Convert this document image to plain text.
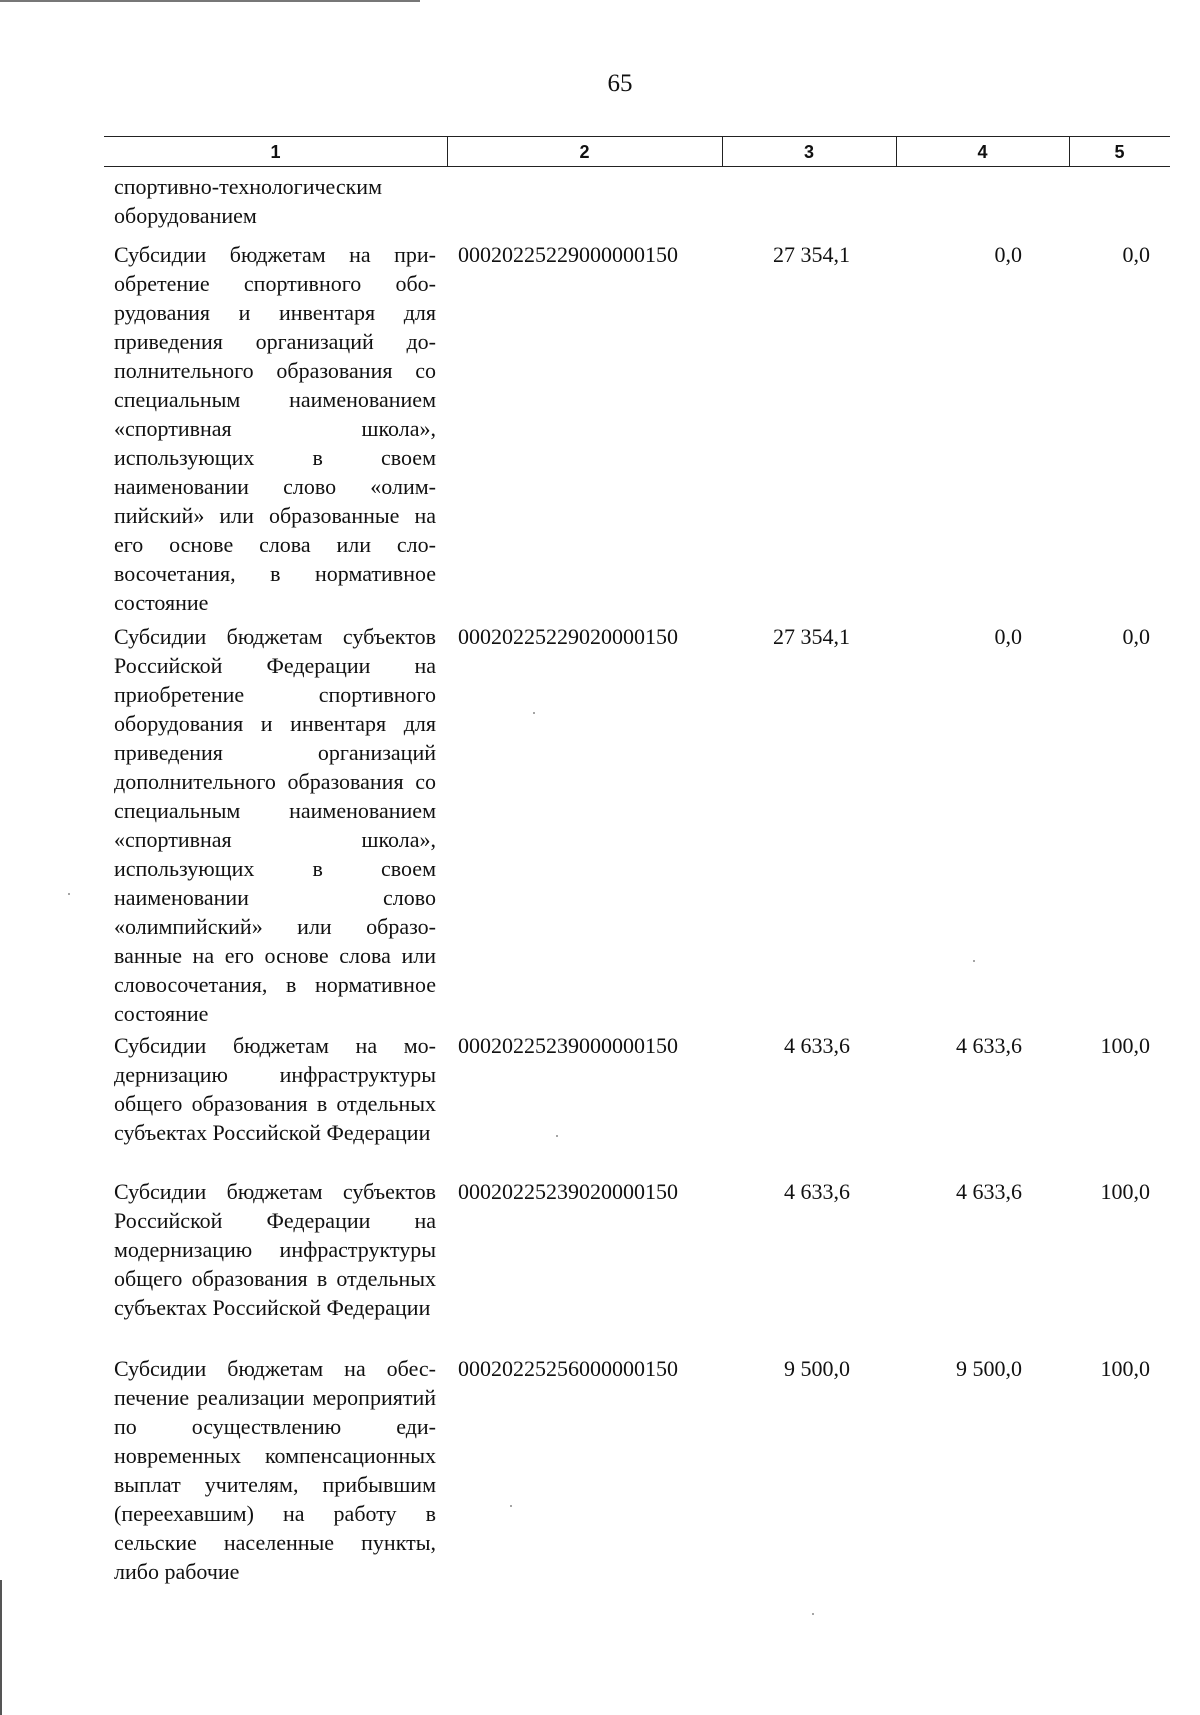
65
1	2	3	4	5
спортивно-технологическим оборудованием
Субсидии бюджетам на приобретение спортивного оборудования и инвентаря для приведения организаций дополнительного образования со специальным наименованием «спортивная школа», использующих в своем наименовании слово «олимпийский» или образованные на его основе слова или словосочетания, в нормативное состояние
00020225229000000150	27 354,1	0,0	0,0
Субсидии бюджетам субъектов Российской Федерации на приобретение спортивного оборудования и инвентаря для приведения организаций дополнительного образования со специальным наименованием «спортивная школа», использующих в своем наименовании слово «олимпийский» или образованные на его основе слова или словосочетания, в нормативное состояние
00020225229020000150	27 354,1	0,0	0,0
Субсидии бюджетам на модернизацию инфраструктуры общего образования в отдельных субъектах Российской Федерации
00020225239000000150	4 633,6	4 633,6	100,0
Субсидии бюджетам субъектов Российской Федерации на модернизацию инфраструктуры общего образования в отдельных субъектах Российской Федерации
00020225239020000150	4 633,6	4 633,6	100,0
Субсидии бюджетам на обеспечение реализации мероприятий по осуществлению единовременных компенсационных выплат учителям, прибывшим (переехавшим) на работу в сельские населенные пункты, либо рабочие
00020225256000000150	9 500,0	9 500,0	100,0
